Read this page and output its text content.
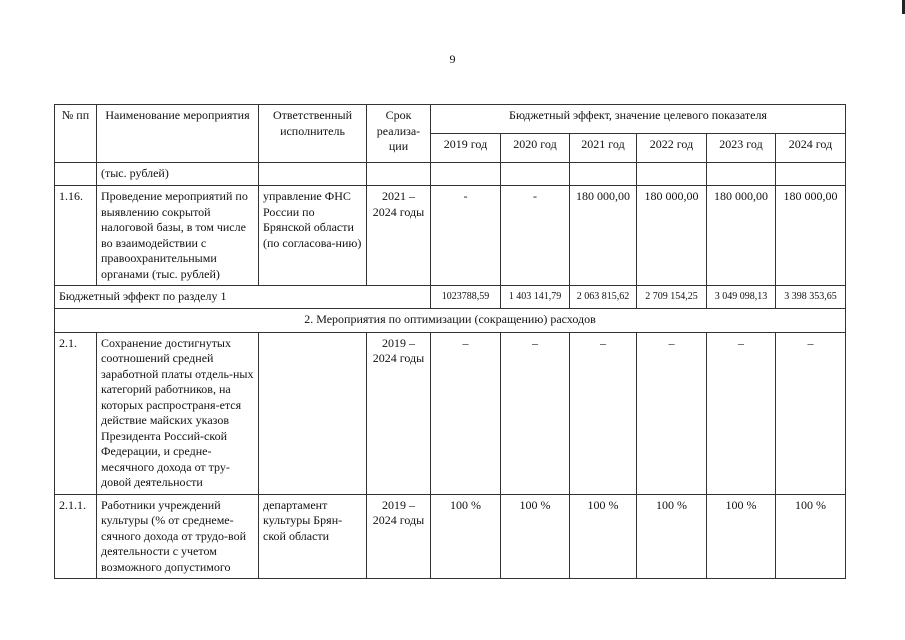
9
№ пп	Наименование мероприятия	Ответственный исполнитель	Срок реализа-ции	Бюджетный эффект, значение целевого показателя					
				2019 год	2020 год	2021 год	2022 год	2023 год	2024 год
	(тыс. рублей)								
1.16.	Проведение мероприятий по выявлению сокрытой налоговой базы, в том числе во взаимодействии с правоохранительными органами (тыс. рублей)	управление ФНС России по Брянской области (по согласова-нию)	2021 – 2024 годы	-	-	180 000,00	180 000,00	180 000,00	180 000,00
Бюджетный эффект по разделу 1				1023788,59	1 403 141,79	2 063 815,62	2 709 154,25	3 049 098,13	3 398 353,65
2. Мероприятия по оптимизации (сокращению) расходов									
2.1.	Сохранение достигнутых соотношений средней заработной платы отдель-ных категорий работников, на которых распространя-ется действие майских указов Президента Россий-ской Федерации, и средне-месячного дохода от тру-довой деятельности		2019 – 2024 годы	–	–	–	–	–	–
2.1.1.	Работники учреждений культуры (% от среднеме-сячного дохода от трудо-вой деятельности с учетом возможного допустимого	департамент культуры Брян-ской области	2019 – 2024 годы	100 %	100 %	100 %	100 %	100 %	100 %
